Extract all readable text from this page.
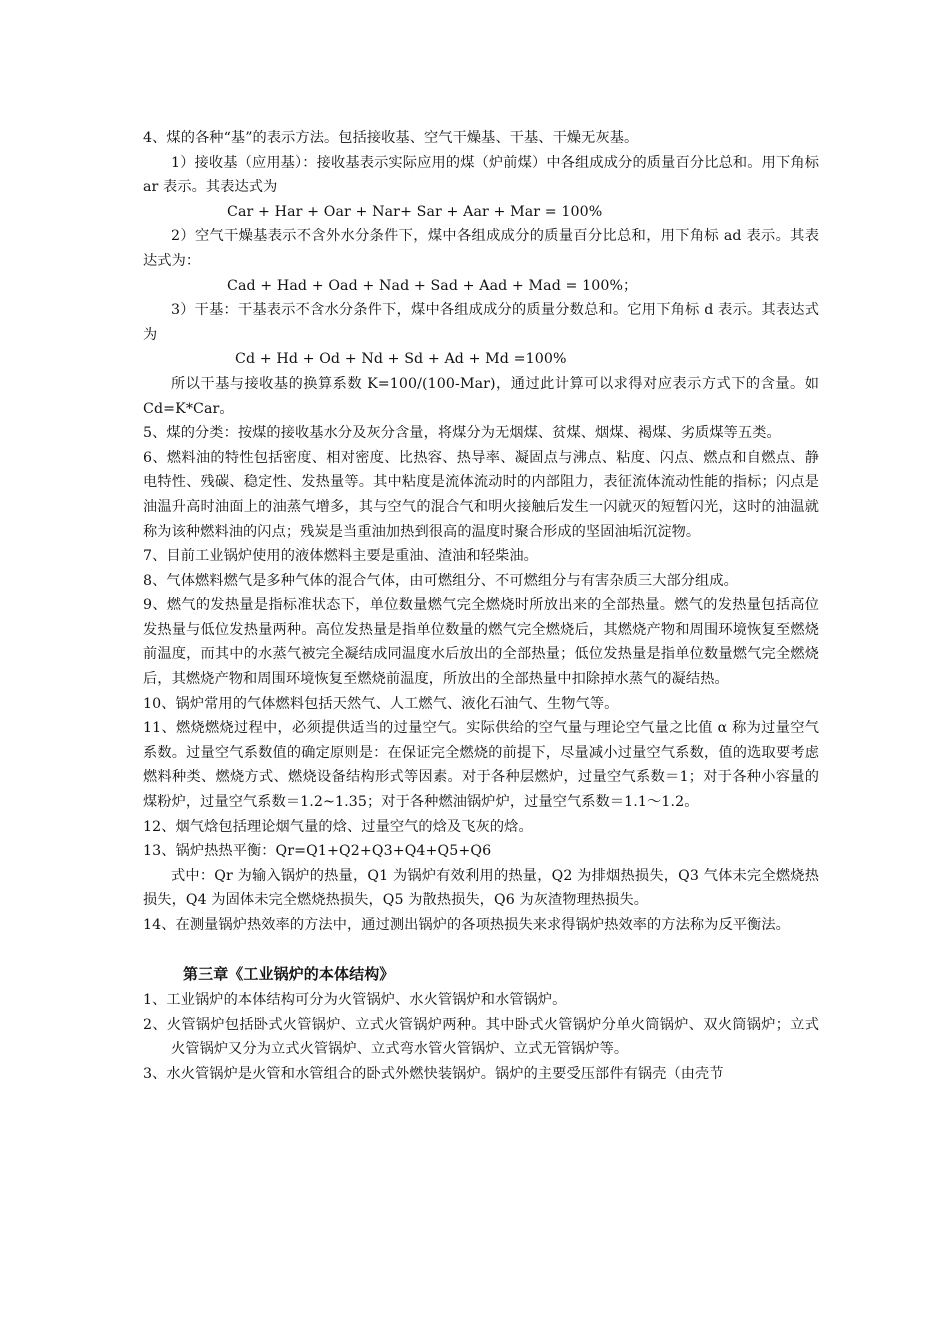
4、煤的各种“基”的表示方法。包括接收基、空气干燥基、干基、干燥无灰基。

1）接收基（应用基）：接收基表示实际应用的煤（炉前煤）中各组成成分的质量百分比总和。用下角标 ar 表示。其表达式为

Car + Har + Oar + Nar+ Sar + Aar + Mar = 100%

2）空气干燥基表示不含外水分条件下，煤中各组成成分的质量百分比总和，用下角标 ad 表示。其表达式为：

Cad + Had + Oad + Nad + Sad + Aad + Mad = 100%；

3）干基：干基表示不含水分条件下，煤中各组成成分的质量分数总和。它用下角标 d 表示。其表达式为

Cd + Hd + Od + Nd + Sd + Ad + Md =100%

所以干基与接收基的换算系数 K=100/(100-Mar)，通过此计算可以求得对应表示方式下的含量。如 Cd=K*Car。

5、煤的分类：按煤的接收基水分及灰分含量，将煤分为无烟煤、贫煤、烟煤、褐煤、劣质煤等五类。

6、燃料油的特性包括密度、相对密度、比热容、热导率、凝固点与沸点、粘度、闪点、燃点和自燃点、静电特性、残碳、稳定性、发热量等。其中粘度是流体流动时的内部阻力，表征流体流动性能的指标；闪点是油温升高时油面上的油蒸气增多，其与空气的混合气和明火接触后发生一闪就灭的短暂闪光，这时的油温就称为该种燃料油的闪点；残炭是当重油加热到很高的温度时聚合形成的坚固油垢沉淀物。

7、目前工业锅炉使用的液体燃料主要是重油、渣油和轻柴油。

8、气体燃料燃气是多种气体的混合气体，由可燃组分、不可燃组分与有害杂质三大部分组成。

9、燃气的发热量是指标准状态下，单位数量燃气完全燃烧时所放出来的全部热量。燃气的发热量包括高位发热量与低位发热量两种。高位发热量是指单位数量的燃气完全燃烧后，其燃烧产物和周围环境恢复至燃烧前温度，而其中的水蒸气被完全凝结成同温度水后放出的全部热量；低位发热量是指单位数量燃气完全燃烧后，其燃烧产物和周围环境恢复至燃烧前温度，所放出的全部热量中扣除掉水蒸气的凝结热。

10、锅炉常用的气体燃料包括天然气、人工燃气、液化石油气、生物气等。

11、燃烧燃烧过程中，必须提供适当的过量空气。实际供给的空气量与理论空气量之比值 α 称为过量空气系数。过量空气系数值的确定原则是：在保证完全燃烧的前提下，尽量减小过量空气系数，值的选取要考虑燃料种类、燃烧方式、燃烧设备结构形式等因素。对于各种层燃炉，过量空气系数＝1；对于各种小容量的煤粉炉，过量空气系数＝1.2~1.35；对于各种燃油锅炉炉，过量空气系数＝1.1～1.2。

12、烟气焓包括理论烟气量的焓、过量空气的焓及飞灰的焓。

13、锅炉热热平衡：Qr=Q1+Q2+Q3+Q4+Q5+Q6

式中：Qr 为输入锅炉的热量，Q1 为锅炉有效利用的热量，Q2 为排烟热损失，Q3 气体未完全燃烧热损失，Q4 为固体未完全燃烧热损失，Q5 为散热损失，Q6 为灰渣物理热损失。

14、在测量锅炉热效率的方法中，通过测出锅炉的各项热损失来求得锅炉热效率的方法称为反平衡法。

第三章《工业锅炉的本体结构》

1、工业锅炉的本体结构可分为火管锅炉、水火管锅炉和水管锅炉。

2、火管锅炉包括卧式火管锅炉、立式火管锅炉两种。其中卧式火管锅炉分单火筒锅炉、双火筒锅炉；立式火管锅炉又分为立式火管锅炉、立式弯水管火管锅炉、立式无管锅炉等。

3、水火管锅炉是火管和水管组合的卧式外燃快装锅炉。锅炉的主要受压部件有锅壳（由壳节
